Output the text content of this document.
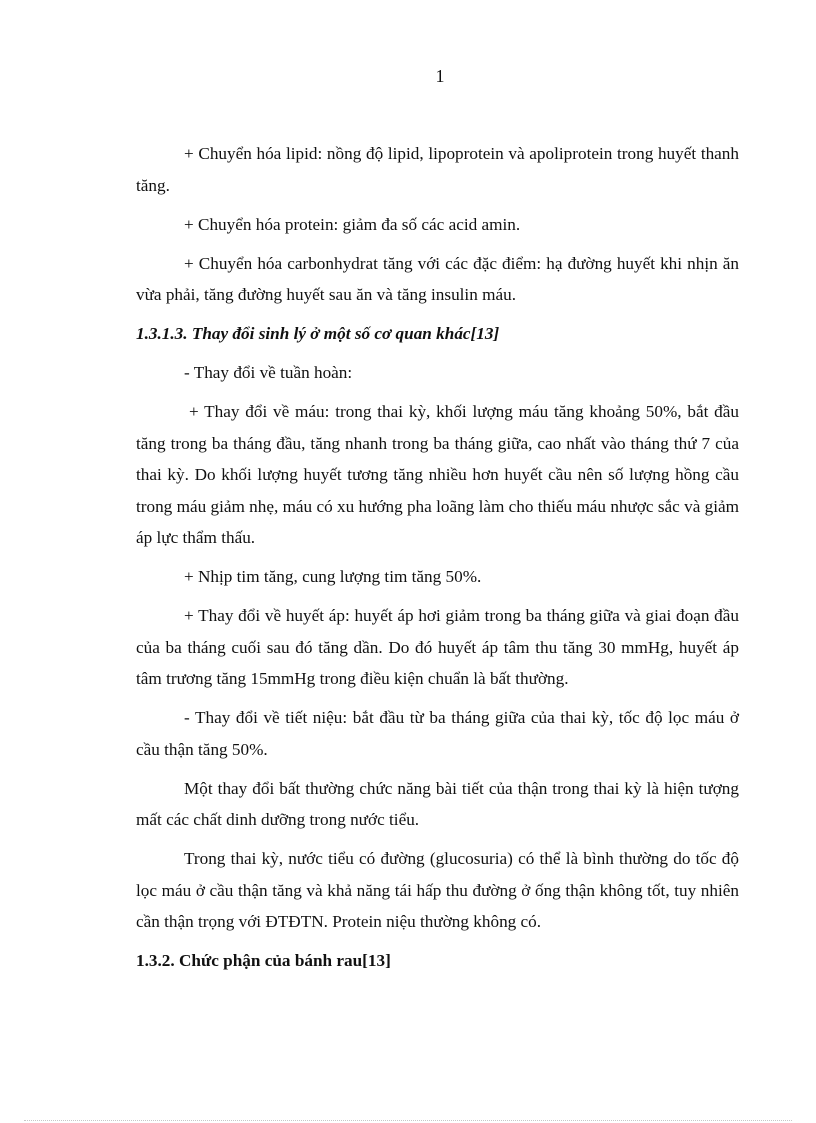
1

+ Chuyển hóa lipid: nồng độ lipid, lipoprotein và apoliprotein trong huyết thanh tăng.

+ Chuyển hóa protein: giảm đa số các acid amin.

+ Chuyển hóa carbonhydrat tăng với các đặc điểm: hạ đường huyết khi nhịn ăn vừa phải, tăng đường huyết sau ăn và tăng insulin máu.

1.3.1.3. Thay đổi sinh lý ở một số cơ quan khác[13]

- Thay đổi về tuần hoàn:

+ Thay đổi về máu: trong thai kỳ, khối lượng máu tăng khoảng 50%, bắt đầu tăng trong ba tháng đầu, tăng nhanh trong ba tháng giữa, cao nhất vào tháng thứ 7 của thai kỳ. Do khối lượng huyết tương tăng nhiều hơn huyết cầu nên số lượng hồng cầu trong máu giảm nhẹ, máu có xu hướng pha loãng làm cho thiếu máu nhược sắc và giảm áp lực thẩm thấu.

+ Nhịp tim tăng, cung lượng tim tăng 50%.

+ Thay đổi về huyết áp: huyết áp hơi giảm trong ba tháng giữa và giai đoạn đầu của ba tháng cuối sau đó tăng dần. Do đó huyết áp tâm thu tăng 30 mmHg, huyết áp tâm trương tăng 15mmHg trong điều kiện chuẩn là bất thường.

- Thay đổi về tiết niệu: bắt đầu từ ba tháng giữa của thai kỳ, tốc độ lọc máu ở cầu thận tăng 50%.

Một thay đổi bất thường chức năng bài tiết của thận trong thai kỳ là hiện tượng mất các chất dinh dưỡng trong nước tiểu.

Trong thai kỳ, nước tiểu có đường (glucosuria) có thể là bình thường do tốc độ lọc máu ở cầu thận tăng và khả năng tái hấp thu đường ở ống thận không tốt, tuy nhiên cần thận trọng với ĐTĐTN. Protein niệu thường không có.

1.3.2. Chức phận của bánh rau[13]
